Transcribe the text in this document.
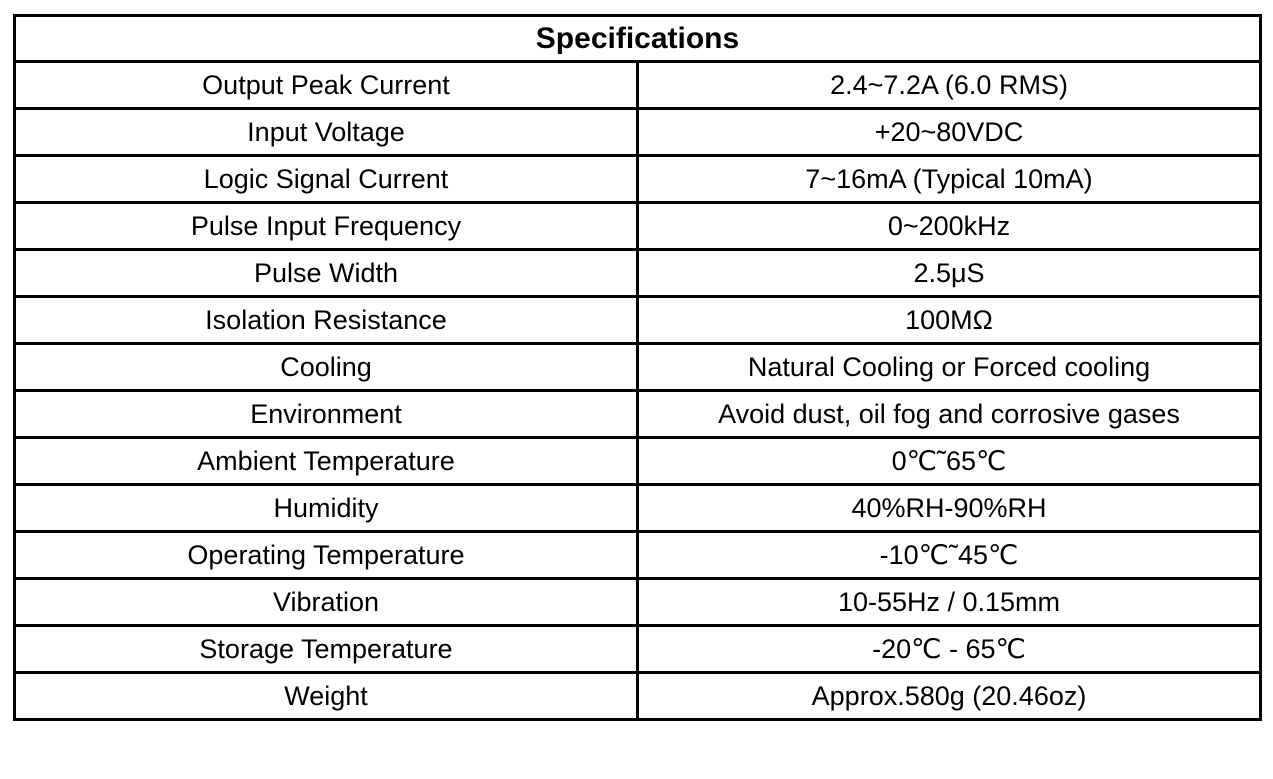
Specifications	
Output Peak Current	2.4~7.2A (6.0 RMS)
Input Voltage	+20~80VDC
Logic Signal Current	7~16mA (Typical 10mA)
Pulse Input Frequency	0~200kHz
Pulse Width	2.5μS
Isolation Resistance	100MΩ
Cooling	Natural Cooling or Forced cooling
Environment	Avoid dust, oil fog and corrosive gases
Ambient Temperature	0℃˜65℃
Humidity	40%RH-90%RH
Operating Temperature	-10℃˜45℃
Vibration	10-55Hz / 0.15mm
Storage Temperature	-20℃ - 65℃
Weight	Approx.580g (20.46oz)
